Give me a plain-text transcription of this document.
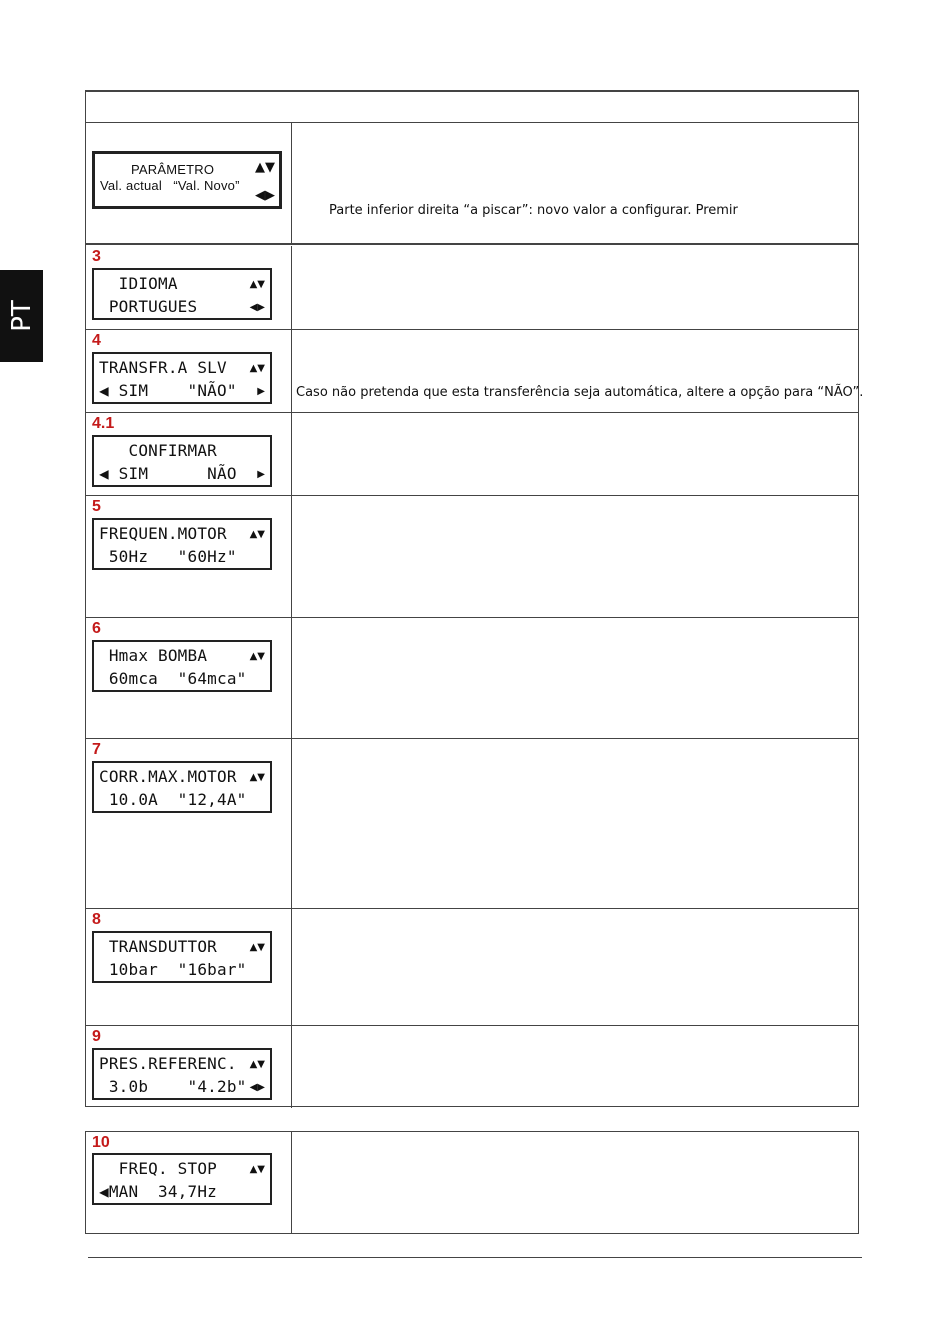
PT
PARÂMETRO
Val. actual   “Val. Novo”
▲▼
◀▶
Parte inferior direita “a piscar”: novo valor a configurar. Premir
3
IDIOMA
PORTUGUES
▲▼
◀▶
4
TRANSFR.A SLV
◀ SIM    "NÃO"
▲▼
▶ Caso não pretenda que esta transferência seja automática, altere a opção para “NÃO”.
4.1
CONFIRMAR
◀ SIM      NÃO ▶
5
FREQUEN.MOTOR
50Hz   "60Hz"
▲▼
6
Hmax BOMBA
60mca  "64mca"
▲▼
7
CORR.MAX.MOTOR
10.0A  "12,4A"
▲▼
8
TRANSDUTTOR
10bar  "16bar"
▲▼
9
PRES.REFERENC.
3.0b    "4.2b"
▲▼
◀▶
10
FREQ. STOP
◀MAN  34,7Hz
▲▼
